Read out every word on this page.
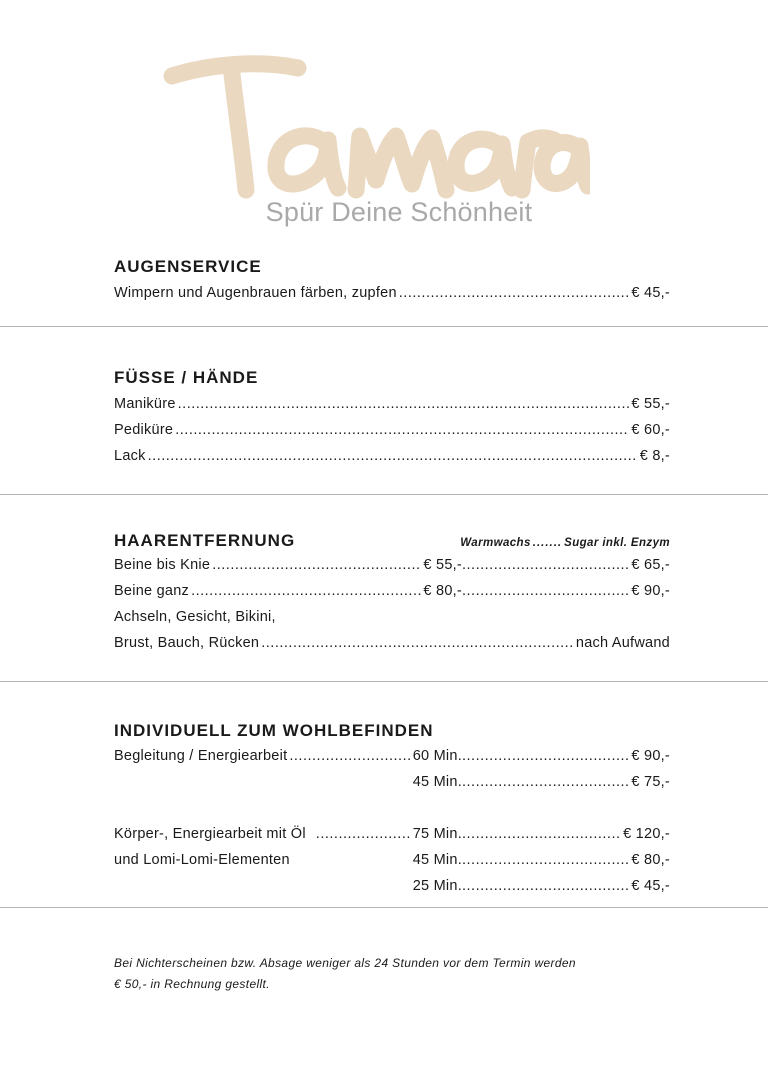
Spür Deine Schönheit
AUGENSERVICE
Wimpern und Augenbrauen färben, zupfen .....	€ 45,-
FÜSSE / HÄNDE
Maniküre .....	€ 55,-
Pediküre .....	€ 60,-
Lack .....	€ 8,-
HAARENTFERNUNG	Warmwachs ....... Sugar inkl. Enzym
Beine bis Knie .....	€ 55,- .....	€ 65,-
Beine ganz .....	€ 80,- .....	€ 90,-
Achseln, Gesicht, Bikini,
Brust, Bauch, Rücken .....	nach Aufwand
INDIVIDUELL ZUM WOHLBEFINDEN
Begleitung / Energiearbeit .....	60 Min. .....	€ 90,-
45 Min. .....	€ 75,-
Körper-, Energiearbeit mit Öl .....	75 Min. .....	€ 120,-
und Lomi-Lomi-Elementen	45 Min. .....	€ 80,-
25 Min. .....	€ 45,-
Bei Nichterscheinen bzw. Absage weniger als 24 Stunden vor dem Termin werden
€ 50,- in Rechnung gestellt.
